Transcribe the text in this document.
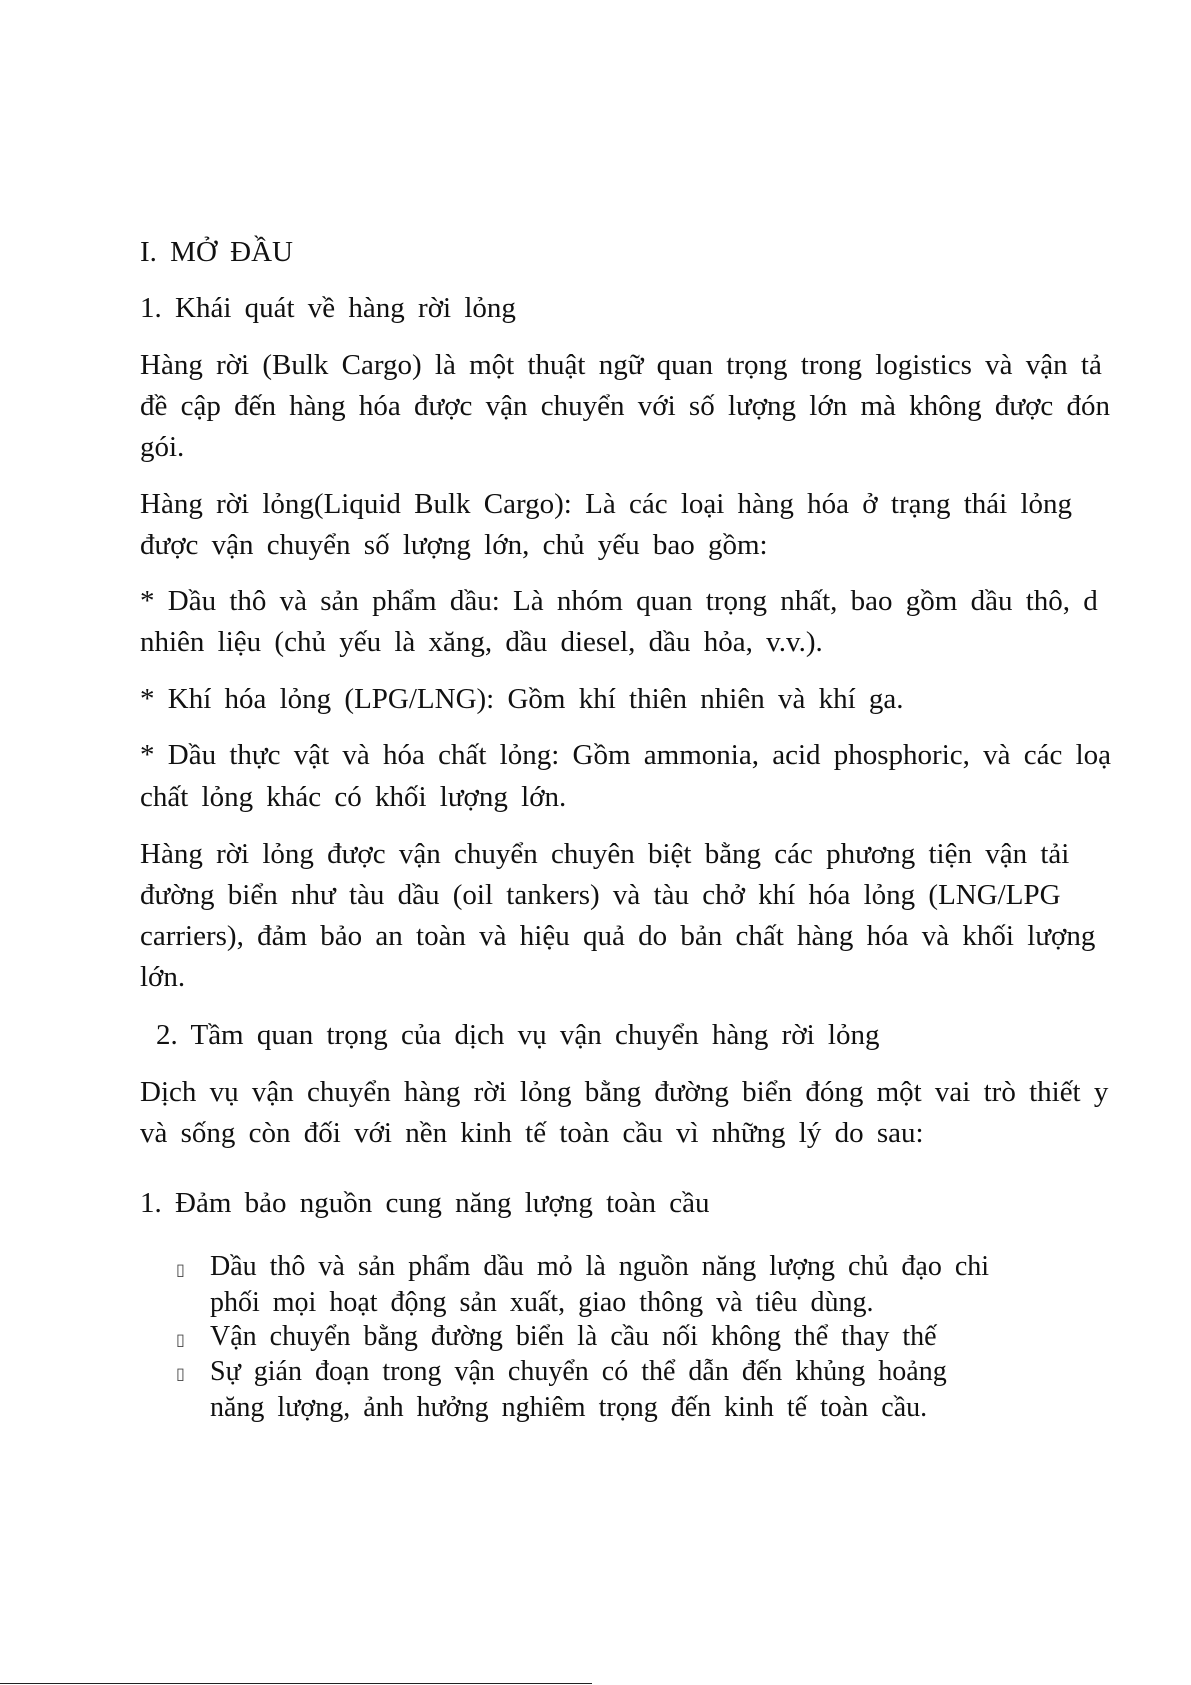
I. MỞ ĐẦU
1. Khái quát về hàng rời lỏng
Hàng rời (Bulk Cargo) là một thuật ngữ quan trọng trong logistics và vận tả
đề cập đến hàng hóa được vận chuyển với số lượng lớn mà không được đón
gói.
Hàng rời lỏng(Liquid Bulk Cargo): Là các loại hàng hóa ở trạng thái lỏng
được vận chuyển số lượng lớn, chủ yếu bao gồm:
* Dầu thô và sản phẩm dầu: Là nhóm quan trọng nhất, bao gồm dầu thô, d
nhiên liệu (chủ yếu là xăng, dầu diesel, dầu hỏa, v.v.).
* Khí hóa lỏng (LPG/LNG): Gồm khí thiên nhiên và khí ga.
* Dầu thực vật và hóa chất lỏng: Gồm ammonia, acid phosphoric, và các loạ
chất lỏng khác có khối lượng lớn.
Hàng rời lỏng được vận chuyển chuyên biệt bằng các phương tiện vận tải
đường biển như tàu dầu (oil tankers) và tàu chở khí hóa lỏng (LNG/LPG
carriers), đảm bảo an toàn và hiệu quả do bản chất hàng hóa và khối lượng
lớn.
2. Tầm quan trọng của dịch vụ vận chuyển hàng rời lỏng
Dịch vụ vận chuyển hàng rời lỏng bằng đường biển đóng một vai trò thiết y
và sống còn đối với nền kinh tế toàn cầu vì những lý do sau:
1. Đảm bảo nguồn cung năng lượng toàn cầu
▯ Dầu thô và sản phẩm dầu mỏ là nguồn năng lượng chủ đạo chi
phối mọi hoạt động sản xuất, giao thông và tiêu dùng.
▯ Vận chuyển bằng đường biển là cầu nối không thể thay thế
▯ Sự gián đoạn trong vận chuyển có thể dẫn đến khủng hoảng
năng lượng, ảnh hưởng nghiêm trọng đến kinh tế toàn cầu.
